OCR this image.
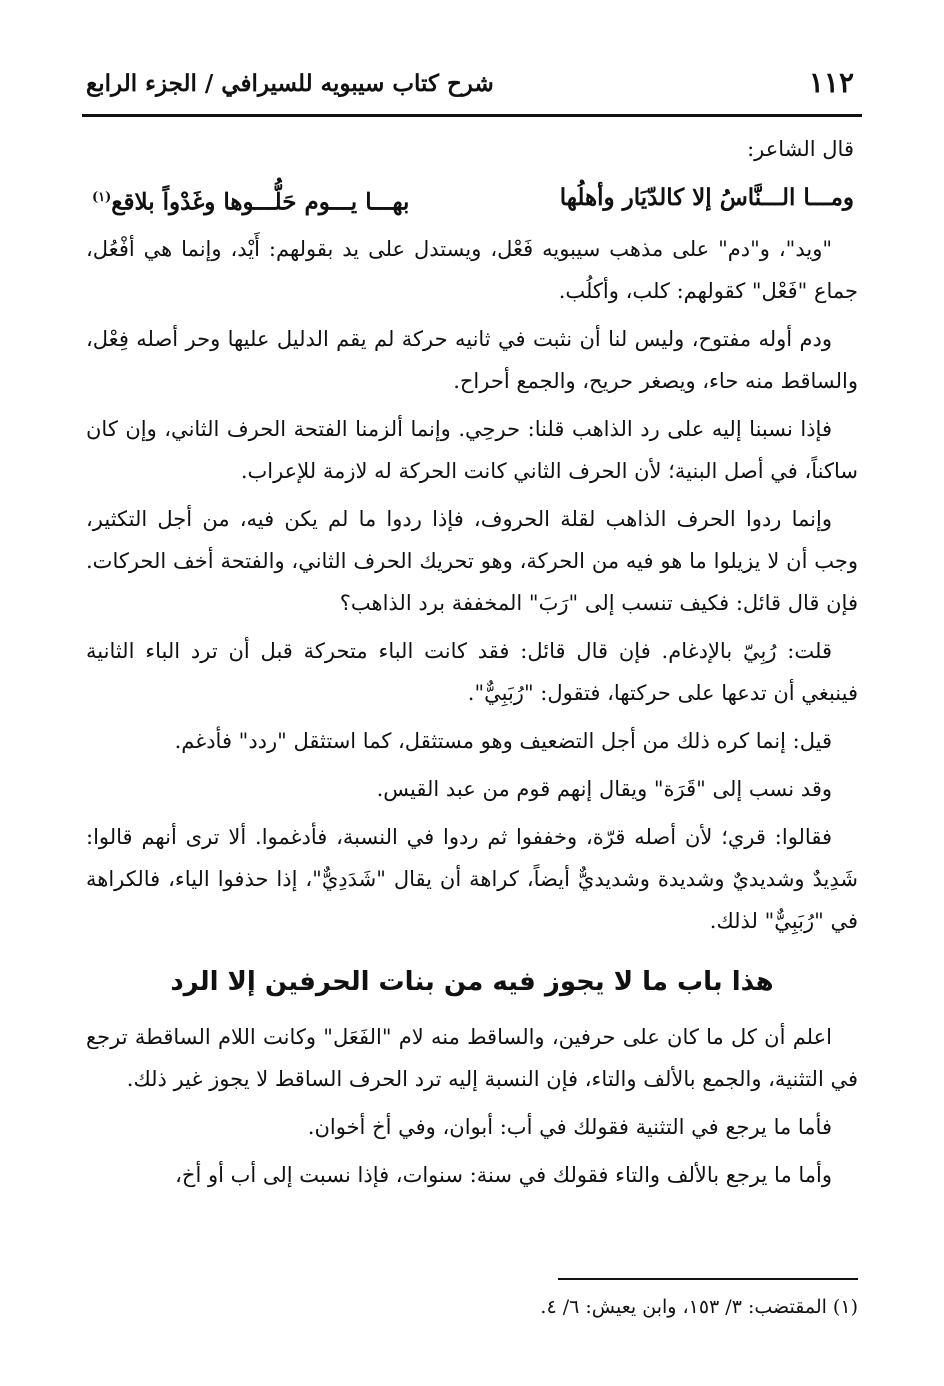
١١٢
شرح كتاب سيبويه للسيرافي / الجزء الرابع

قال الشاعر:

ومـــا الـــنَّاسُ إلا كالدّيَار وأهلُها
بهـــا يـــوم حَلُّـــوها وغَدْواً بلاقع$^{(١)}$

"ويد"، و"دم" على مذهب سيبويه فَعْل، ويستدل على يد بقولهم: أَيْد، وإنما هي أفْعُل، جماع "فَعْل" كقولهم: كلب، وأكلُب.

ودم أوله مفتوح، وليس لنا أن نثبت في ثانيه حركة لم يقم الدليل عليها وحر أصله فِعْل، والساقط منه حاء، ويصغر حريح، والجمع أحراح.

فإذا نسبنا إليه على رد الذاهب قلنا: حرحِي. وإنما ألزمنا الفتحة الحرف الثاني، وإن كان ساكناً، في أصل البنية؛ لأن الحرف الثاني كانت الحركة له لازمة للإعراب.

وإنما ردوا الحرف الذاهب لقلة الحروف، فإذا ردوا ما لم يكن فيه، من أجل التكثير، وجب أن لا يزيلوا ما هو فيه من الحركة، وهو تحريك الحرف الثاني، والفتحة أخف الحركات. فإن قال قائل: فكيف تنسب إلى "رَبَ" المخففة برد الذاهب؟

قلت: رُبِيّ بالإدغام. فإن قال قائل: فقد كانت الباء متحركة قبل أن ترد الباء الثانية فينبغي أن تدعها على حركتها، فتقول: "رُبَبِيٌّ".

قيل: إنما كره ذلك من أجل التضعيف وهو مستثقل، كما استثقل "ردد" فأدغم.

وقد نسب إلى "قَرَة" ويقال إنهم قوم من عبد القيس.

فقالوا: قري؛ لأن أصله قرّة، وخففوا ثم ردوا في النسبة، فأدغموا. ألا ترى أنهم قالوا: شَدِيدٌ وشديديٌ وشديدة وشديديٌّ أيضاً، كراهة أن يقال "شَدَدِيٌّ"، إذا حذفوا الياء، فالكراهة في "رُبَبِيٌّ" لذلك.

هذا باب ما لا يجوز فيه من بنات الحرفين إلا الرد

اعلم أن كل ما كان على حرفين، والساقط منه لام "الفَعَل" وكانت اللام الساقطة ترجع في التثنية، والجمع بالألف والتاء، فإن النسبة إليه ترد الحرف الساقط لا يجوز غير ذلك.

فأما ما يرجع في التثنية فقولك في أب: أبوان، وفي أخ أخوان.

وأما ما يرجع بالألف والتاء فقولك في سنة: سنوات، فإذا نسبت إلى أب أو أخ،

(١) المقتضب: ٣/ ١٥٣، وابن يعيش: ٦/ ٤.
